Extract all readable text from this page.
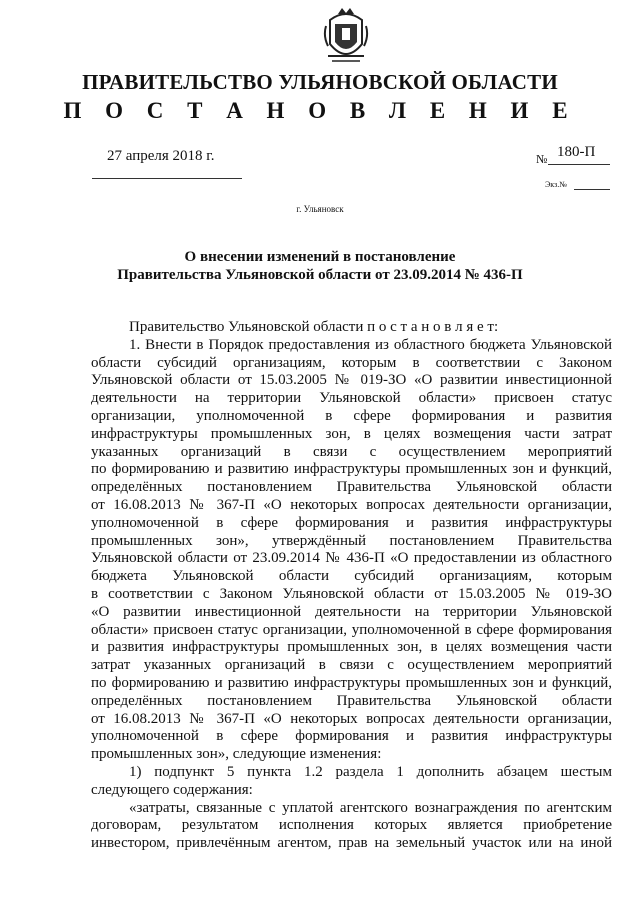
ПРАВИТЕЛЬСТВО УЛЬЯНОВСКОЙ ОБЛАСТИ
П О С Т А Н О В Л Е Н И Е
27 апреля 2018 г.	№ 180-П
Экз.№
г. Ульяновск
О внесении изменений в постановление
Правительства Ульяновской области от 23.09.2014 № 436-П
Правительство Ульяновской области п о с т а н о в л я е т:
1. Внести в Порядок предоставления из областного бюджета Ульяновской
области субсидий организациям, которым в соответствии с Законом
Ульяновской области от 15.03.2005 № 019-ЗО «О развитии инвестиционной
деятельности на территории Ульяновской области» присвоен статус
организации, уполномоченной в сфере формирования и развития
инфраструктуры промышленных зон, в целях возмещения части затрат
указанных организаций в связи с осуществлением мероприятий
по формированию и развитию инфраструктуры промышленных зон и функций,
определённых постановлением Правительства Ульяновской области
от 16.08.2013 № 367-П «О некоторых вопросах деятельности организации,
уполномоченной в сфере формирования и развития инфраструктуры
промышленных зон», утверждённый постановлением Правительства
Ульяновской области от 23.09.2014 № 436-П «О предоставлении из областного
бюджета Ульяновской области субсидий организациям, которым
в соответствии с Законом Ульяновской области от 15.03.2005 № 019-ЗО
«О развитии инвестиционной деятельности на территории Ульяновской
области» присвоен статус организации, уполномоченной в сфере формирования
и развития инфраструктуры промышленных зон, в целях возмещения части
затрат указанных организаций в связи с осуществлением мероприятий
по формированию и развитию инфраструктуры промышленных зон и функций,
определённых постановлением Правительства Ульяновской области
от 16.08.2013 № 367-П «О некоторых вопросах деятельности организации,
уполномоченной в сфере формирования и развития инфраструктуры
промышленных зон», следующие изменения:
1) подпункт 5 пункта 1.2 раздела 1 дополнить абзацем шестым
следующего содержания:
«затраты, связанные с уплатой агентского вознаграждения по агентским
договорам, результатом исполнения которых является приобретение
инвестором, привлечённым агентом, прав на земельный участок или на иной
